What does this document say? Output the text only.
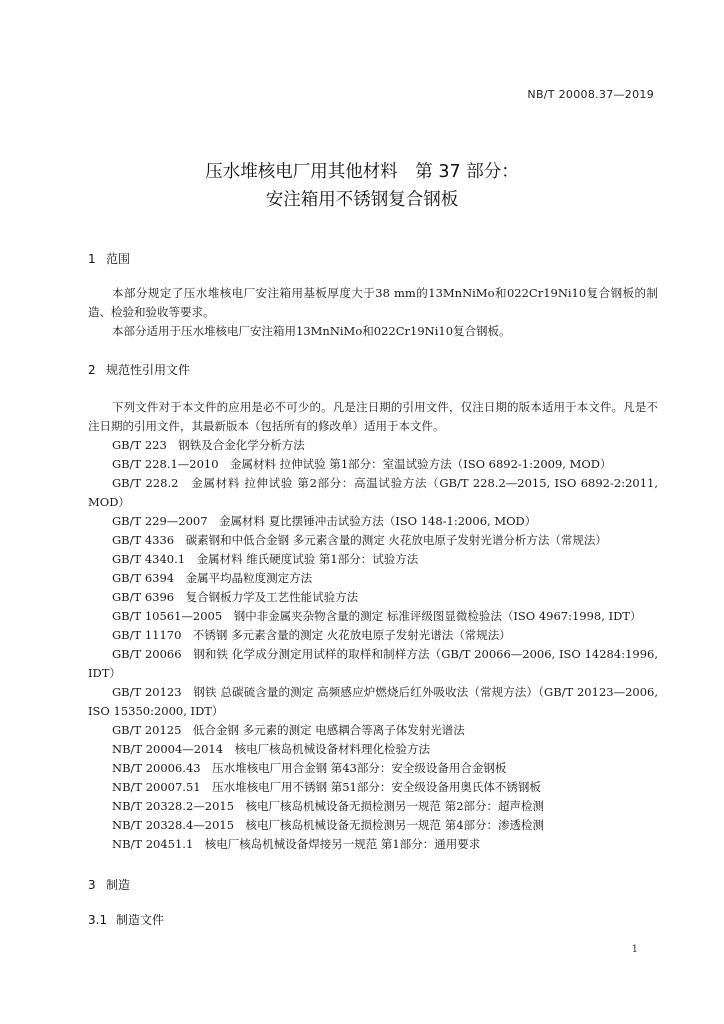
NB/T 20008.37—2019
压水堆核电厂用其他材料　第 37 部分：
安注箱用不锈钢复合钢板
1 范围
本部分规定了压水堆核电厂安注箱用基板厚度大于38 mm的13MnNiMo和022Cr19Ni10复合钢板的制造、检验和验收等要求。
本部分适用于压水堆核电厂安注箱用13MnNiMo和022Cr19Ni10复合钢板。
2 规范性引用文件
下列文件对于本文件的应用是必不可少的。凡是注日期的引用文件，仅注日期的版本适用于本文件。凡是不注日期的引用文件，其最新版本（包括所有的修改单）适用于本文件。
GB/T 223　钢铁及合金化学分析方法
GB/T 228.1—2010　金属材料 拉伸试验 第1部分：室温试验方法（ISO 6892-1:2009, MOD）
GB/T 228.2　金属材料 拉伸试验 第2部分：高温试验方法（GB/T 228.2—2015, ISO 6892-2:2011, MOD）
GB/T 229—2007　金属材料 夏比摆锤冲击试验方法（ISO 148-1:2006, MOD）
GB/T 4336　碳素钢和中低合金钢 多元素含量的测定 火花放电原子发射光谱分析方法（常规法）
GB/T 4340.1　金属材料 维氏硬度试验 第1部分：试验方法
GB/T 6394　金属平均晶粒度测定方法
GB/T 6396　复合钢板力学及工艺性能试验方法
GB/T 10561—2005　钢中非金属夹杂物含量的测定 标准评级图显微检验法（ISO 4967:1998, IDT）
GB/T 11170　不锈钢 多元素含量的测定 火花放电原子发射光谱法（常规法）
GB/T 20066　钢和铁 化学成分测定用试样的取样和制样方法（GB/T 20066—2006, ISO 14284:1996, IDT）
GB/T 20123　钢铁 总碳硫含量的测定 高频感应炉燃烧后红外吸收法（常规方法）（GB/T 20123—2006, ISO 15350:2000, IDT）
GB/T 20125　低合金钢 多元素的测定 电感耦合等离子体发射光谱法
NB/T 20004—2014　核电厂核岛机械设备材料理化检验方法
NB/T 20006.43　压水堆核电厂用合金钢 第43部分：安全级设备用合金钢板
NB/T 20007.51　压水堆核电厂用不锈钢 第51部分：安全级设备用奥氏体不锈钢板
NB/T 20328.2—2015　核电厂核岛机械设备无损检测另一规范 第2部分：超声检测
NB/T 20328.4—2015　核电厂核岛机械设备无损检测另一规范 第4部分：渗透检测
NB/T 20451.1　核电厂核岛机械设备焊接另一规范 第1部分：通用要求
3 制造
3.1 制造文件
1
